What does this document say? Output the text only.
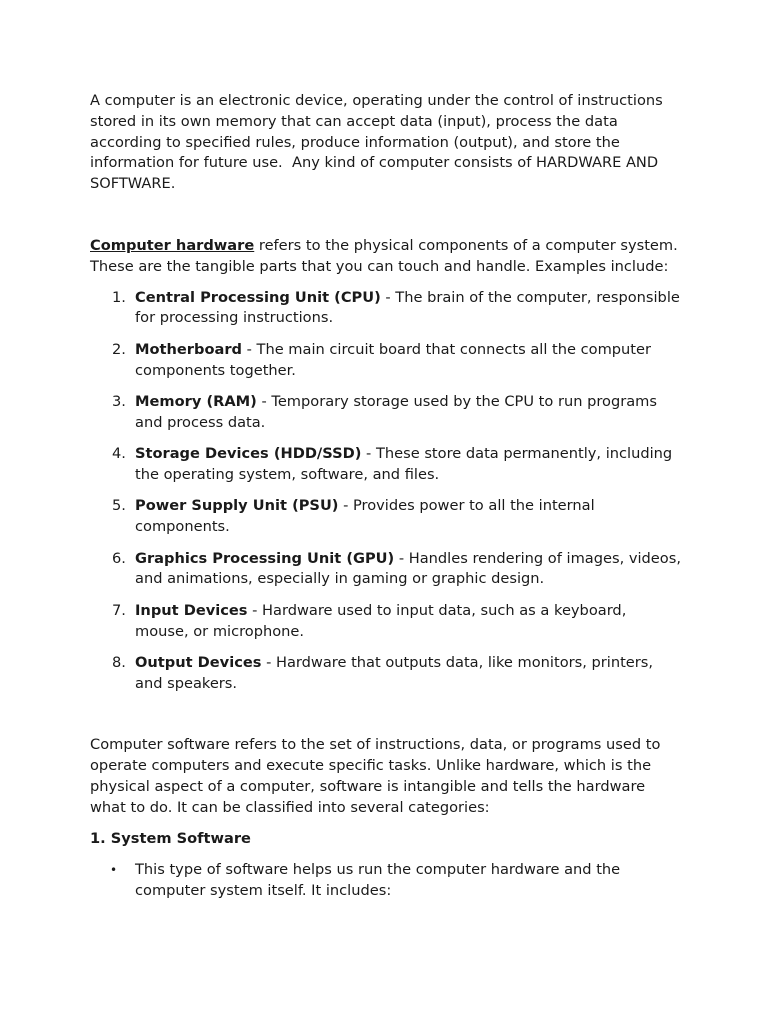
A computer is an electronic device, operating under the control of instructions stored in its own memory that can accept data (input), process the data according to specified rules, produce information (output), and store the information for future use.  Any kind of computer consists of HARDWARE AND SOFTWARE.

Computer hardware refers to the physical components of a computer system. These are the tangible parts that you can touch and handle. Examples include:

1. Central Processing Unit (CPU) - The brain of the computer, responsible for processing instructions.
2. Motherboard - The main circuit board that connects all the computer components together.
3. Memory (RAM) - Temporary storage used by the CPU to run programs and process data.
4. Storage Devices (HDD/SSD) - These store data permanently, including the operating system, software, and files.
5. Power Supply Unit (PSU) - Provides power to all the internal components.
6. Graphics Processing Unit (GPU) - Handles rendering of images, videos, and animations, especially in gaming or graphic design.
7. Input Devices - Hardware used to input data, such as a keyboard, mouse, or microphone.
8. Output Devices - Hardware that outputs data, like monitors, printers, and speakers.

Computer software refers to the set of instructions, data, or programs used to operate computers and execute specific tasks. Unlike hardware, which is the physical aspect of a computer, software is intangible and tells the hardware what to do. It can be classified into several categories:

1. System Software

• This type of software helps us run the computer hardware and the computer system itself. It includes:
